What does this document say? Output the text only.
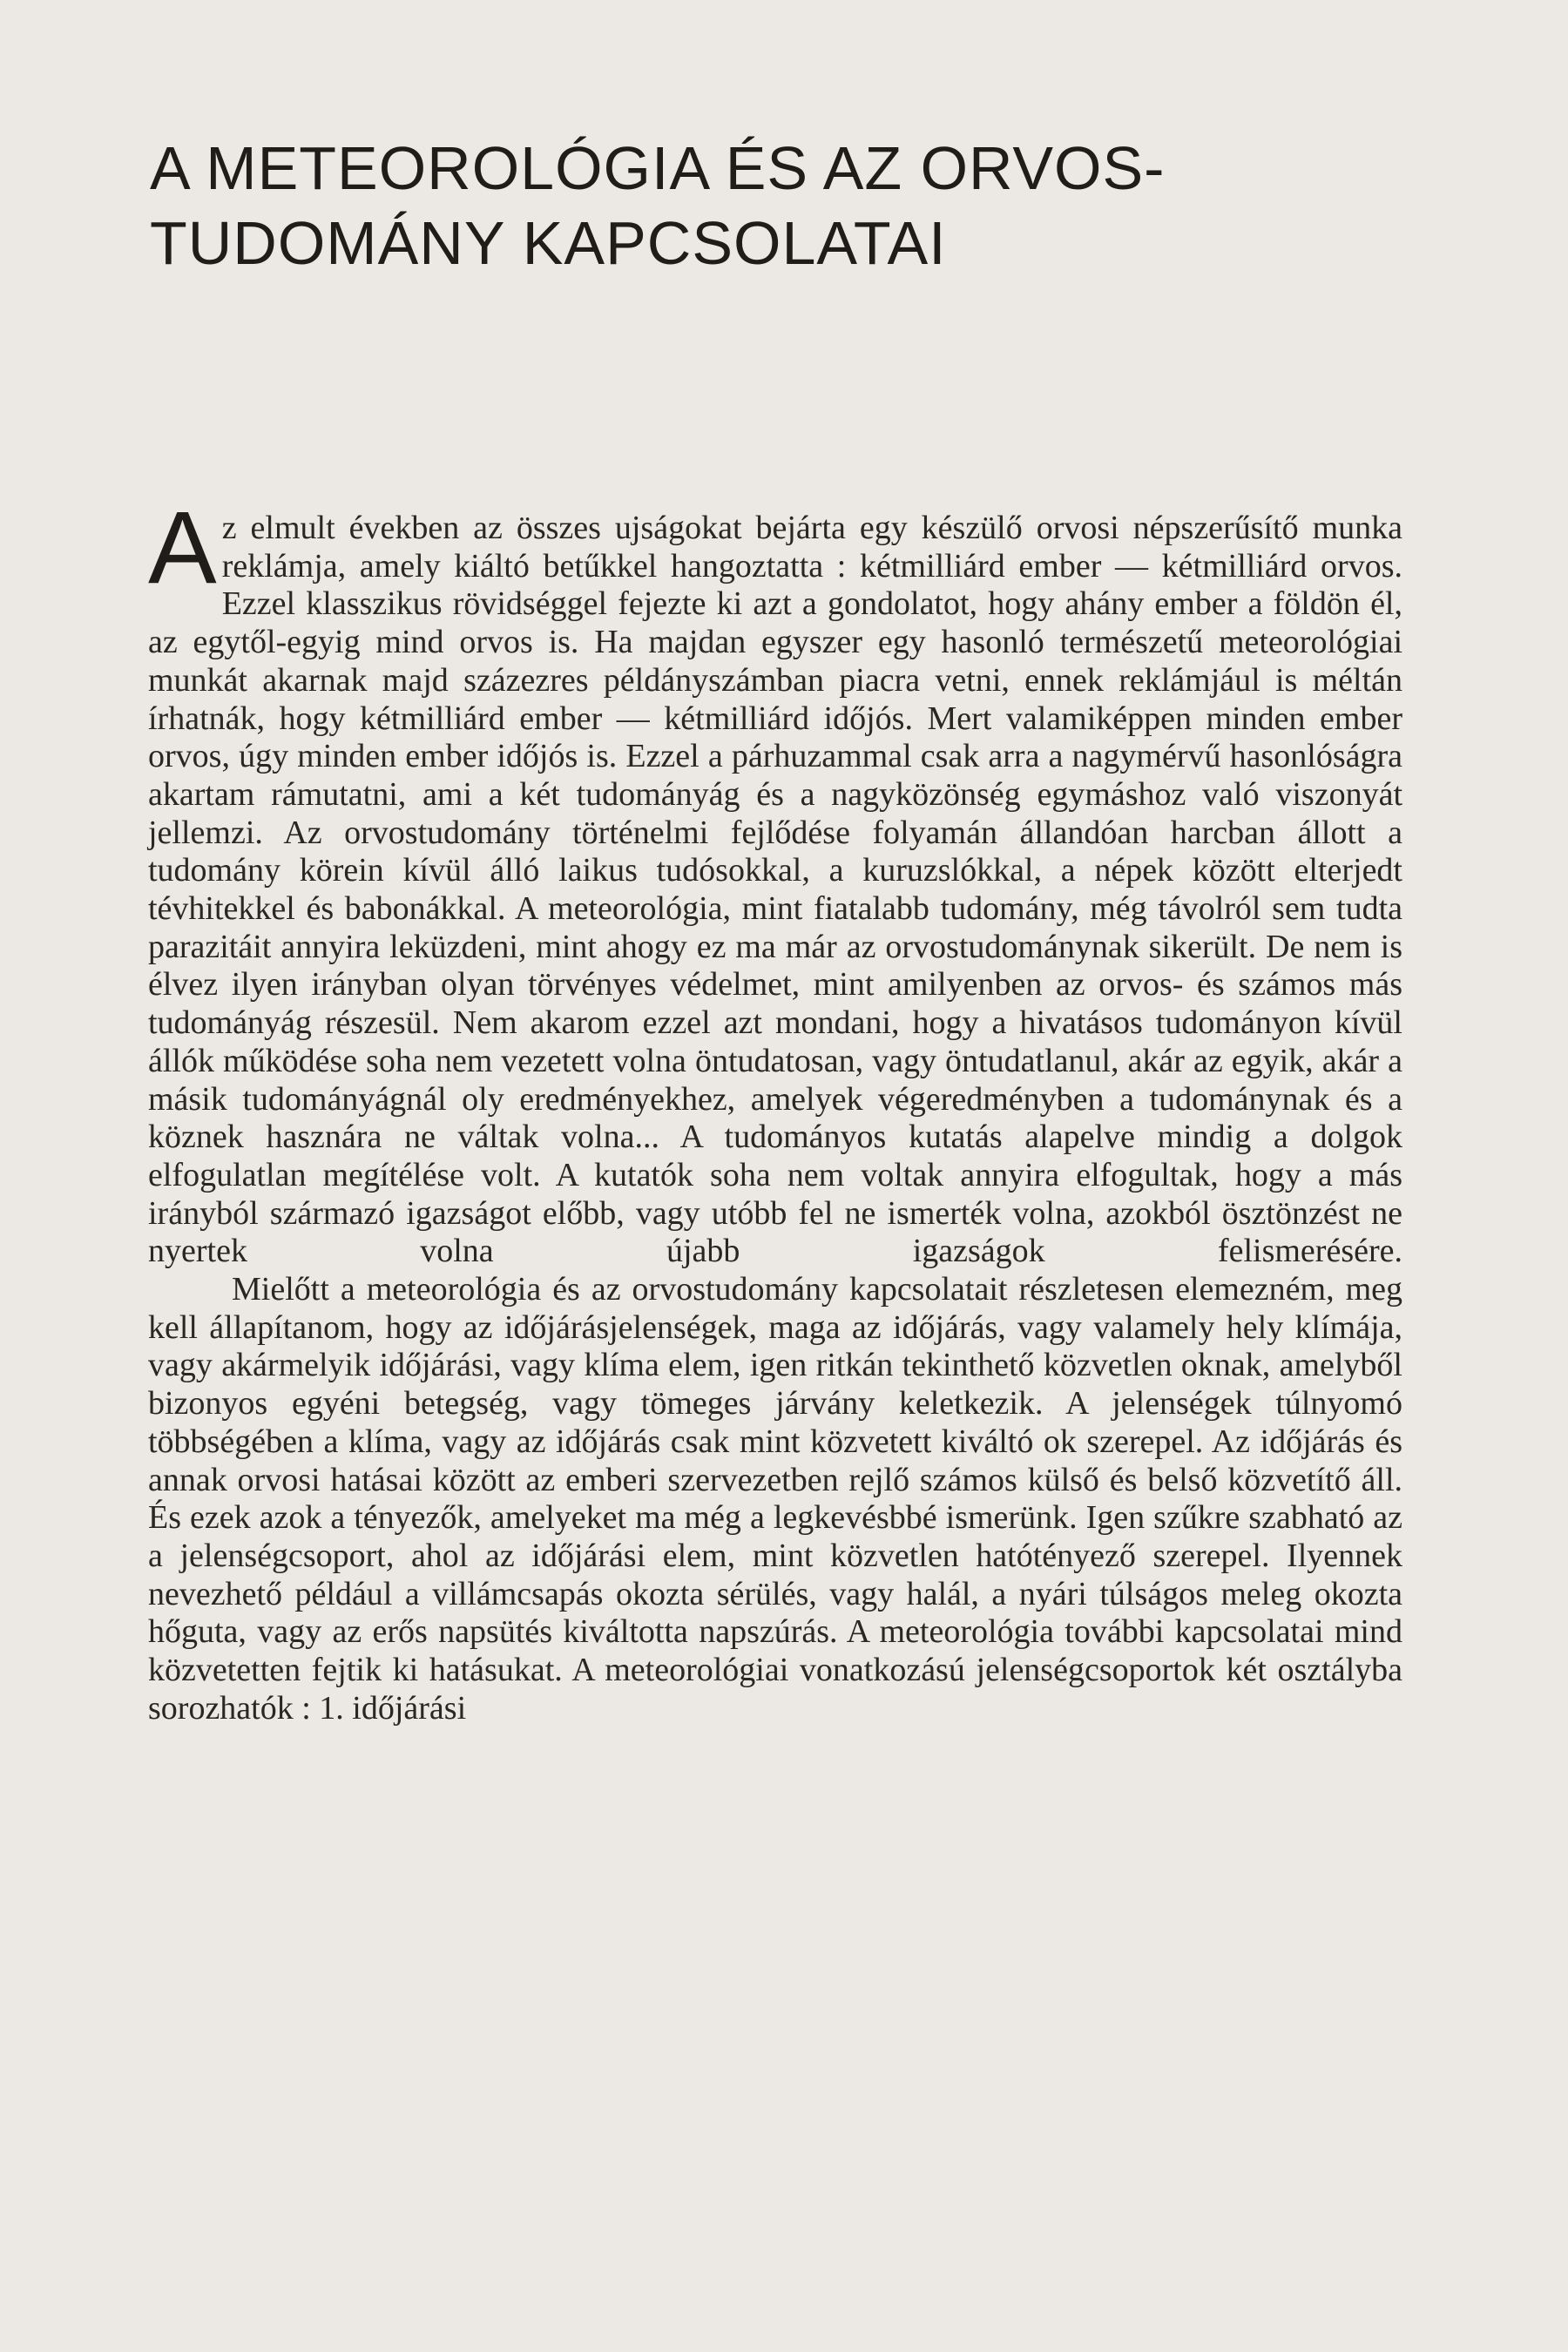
A METEOROLÓGIA ÉS AZ ORVOS-
TUDOMÁNY KAPCSOLATAI

Az elmult években az összes ujságokat bejárta egy készülő orvosi népszerűsítő munka reklámja, amely kiáltó betűkkel hangoztatta : kétmilliárd ember — kétmilliárd orvos. Ezzel klasszikus rövidséggel fejezte ki azt a gondolatot, hogy ahány ember a földön él, az egytől-egyig mind orvos is. Ha majdan egyszer egy hasonló természetű meteorológiai munkát akarnak majd százezres példányszámban piacra vetni, ennek reklámjául is méltán írhatnák, hogy kétmilliárd ember — kétmilliárd időjós. Mert valamiképpen minden ember orvos, úgy minden ember időjós is. Ezzel a párhuzammal csak arra a nagymérvű hasonlóságra akartam rámutatni, ami a két tudományág és a nagyközönség egymáshoz való viszonyát jellemzi. Az orvostudomány történelmi fejlődése folyamán állandóan harcban állott a tudomány körein kívül álló laikus tudósokkal, a kuruzslókkal, a népek között elterjedt tévhitekkel és babonákkal. A meteorológia, mint fiatalabb tudomány, még távolról sem tudta parazitáit annyira leküzdeni, mint ahogy ez ma már az orvostudománynak sikerült. De nem is élvez ilyen irányban olyan törvényes védelmet, mint amilyenben az orvos- és számos más tudományág részesül. Nem akarom ezzel azt mondani, hogy a hivatásos tudományon kívül állók működése soha nem vezetett volna öntudatosan, vagy öntudatlanul, akár az egyik, akár a másik tudományágnál oly eredményekhez, amelyek végeredményben a tudománynak és a köznek hasznára ne váltak volna... A tudományos kutatás alapelve mindig a dolgok elfogulatlan megítélése volt. A kutatók soha nem voltak annyira elfogultak, hogy a más irányból származó igazságot előbb, vagy utóbb fel ne ismerték volna, azokból ösztönzést ne nyertek volna újabb igazságok felismerésére.

Mielőtt a meteorológia és az orvostudomány kapcsolatait részletesen elemezném, meg kell állapítanom, hogy az időjárásjelenségek, maga az időjárás, vagy valamely hely klímája, vagy akármelyik időjárási, vagy klíma elem, igen ritkán tekinthető közvetlen oknak, amelyből bizonyos egyéni betegség, vagy tömeges járvány keletkezik. A jelenségek túlnyomó többségében a klíma, vagy az időjárás csak mint közvetett kiváltó ok szerepel. Az időjárás és annak orvosi hatásai között az emberi szervezetben rejlő számos külső és belső közvetítő áll. És ezek azok a tényezők, amelyeket ma még a legkevésbbé ismerünk. Igen szűkre szabható az a jelenségcsoport, ahol az időjárási elem, mint közvetlen hatótényező szerepel. Ilyennek nevezhető például a villámcsapás okozta sérülés, vagy halál, a nyári túlságos meleg okozta hőguta, vagy az erős napsütés kiváltotta napszúrás. A meteorológia további kapcsolatai mind közvetetten fejtik ki hatásukat. A meteorológiai vonatkozású jelenségcsoportok két osztályba sorozhatók : 1. időjárási
